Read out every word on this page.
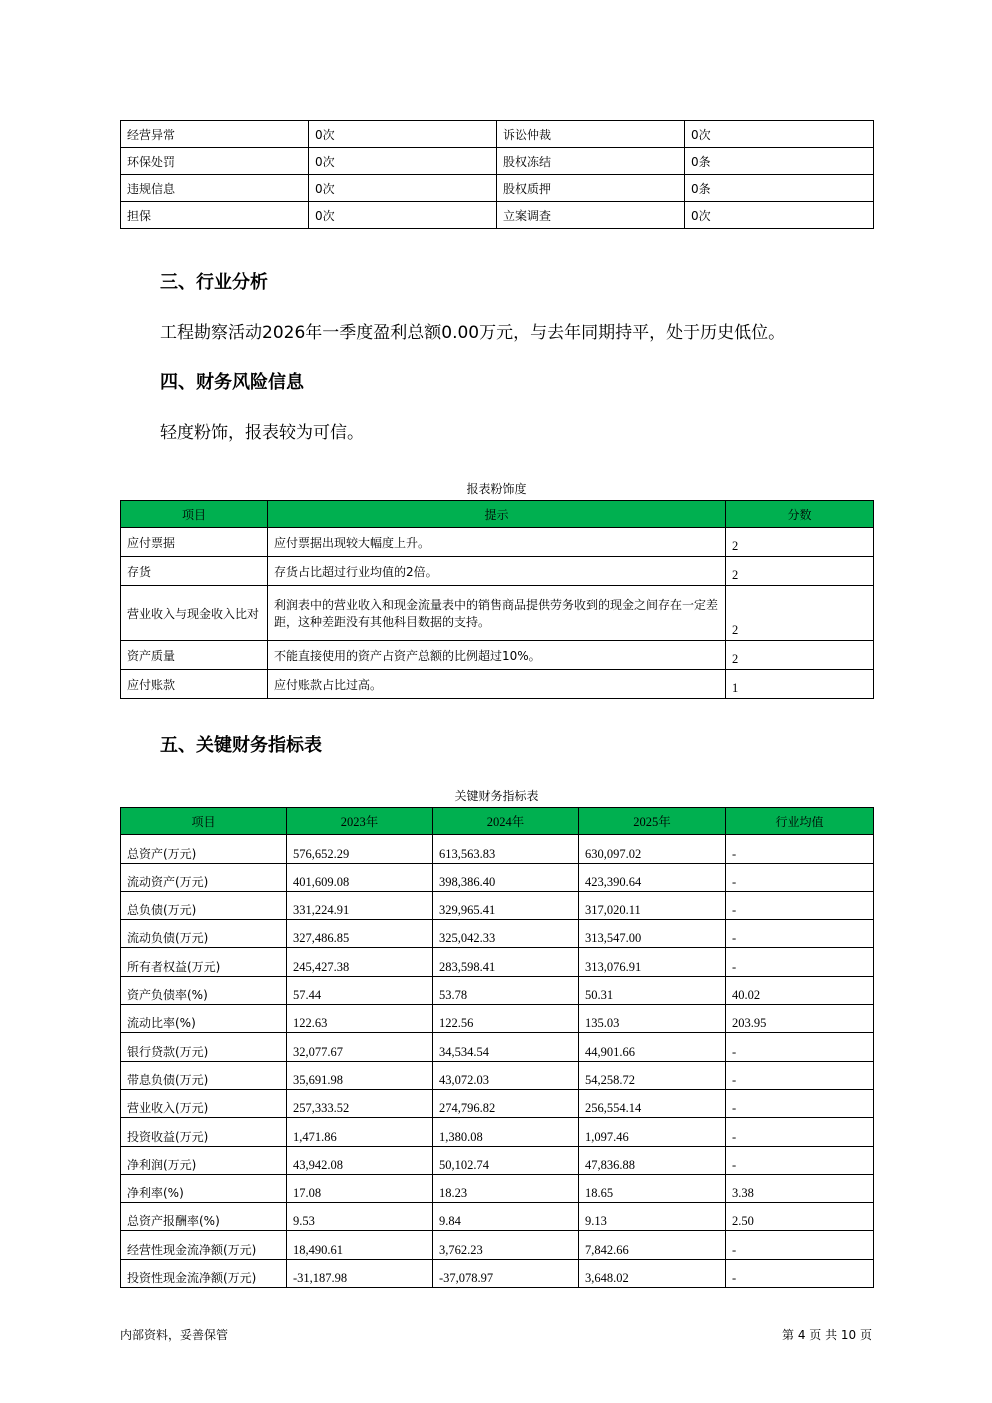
经营异常	0次	诉讼仲裁	0次
环保处罚	0次	股权冻结	0条
违规信息	0次	股权质押	0条
担保	0次	立案调查	0次
三、行业分析

工程勘察活动2026年一季度盈利总额0.00万元，与去年同期持平，处于历史低位。

四、财务风险信息

轻度粉饰，报表较为可信。

报表粉饰度

项目	提示	分数
应付票据	应付票据出现较大幅度上升。	2
存货	存货占比超过行业均值的2倍。	2
营业收入与现金收入比对	利润表中的营业收入和现金流量表中的销售商品提供劳务收到的现金之间存在一定差距，这种差距没有其他科目数据的支持。	2
资产质量	不能直接使用的资产占资产总额的比例超过10%。	2
应付账款	应付账款占比过高。	1
五、关键财务指标表

关键财务指标表

项目	2023年	2024年	2025年	行业均值
总资产(万元)	576,652.29	613,563.83	630,097.02	-
流动资产(万元)	401,609.08	398,386.40	423,390.64	-
总负债(万元)	331,224.91	329,965.41	317,020.11	-
流动负债(万元)	327,486.85	325,042.33	313,547.00	-
所有者权益(万元)	245,427.38	283,598.41	313,076.91	-
资产负债率(%)	57.44	53.78	50.31	40.02
流动比率(%)	122.63	122.56	135.03	203.95
银行贷款(万元)	32,077.67	34,534.54	44,901.66	-
带息负债(万元)	35,691.98	43,072.03	54,258.72	-
营业收入(万元)	257,333.52	274,796.82	256,554.14	-
投资收益(万元)	1,471.86	1,380.08	1,097.46	-
净利润(万元)	43,942.08	50,102.74	47,836.88	-
净利率(%)	17.08	18.23	18.65	3.38
总资产报酬率(%)	9.53	9.84	9.13	2.50
经营性现金流净额(万元)	18,490.61	3,762.23	7,842.66	-
投资性现金流净额(万元)	-31,187.98	-37,078.97	3,648.02	-

内部资料，妥善保管	第 4 页 共 10 页
